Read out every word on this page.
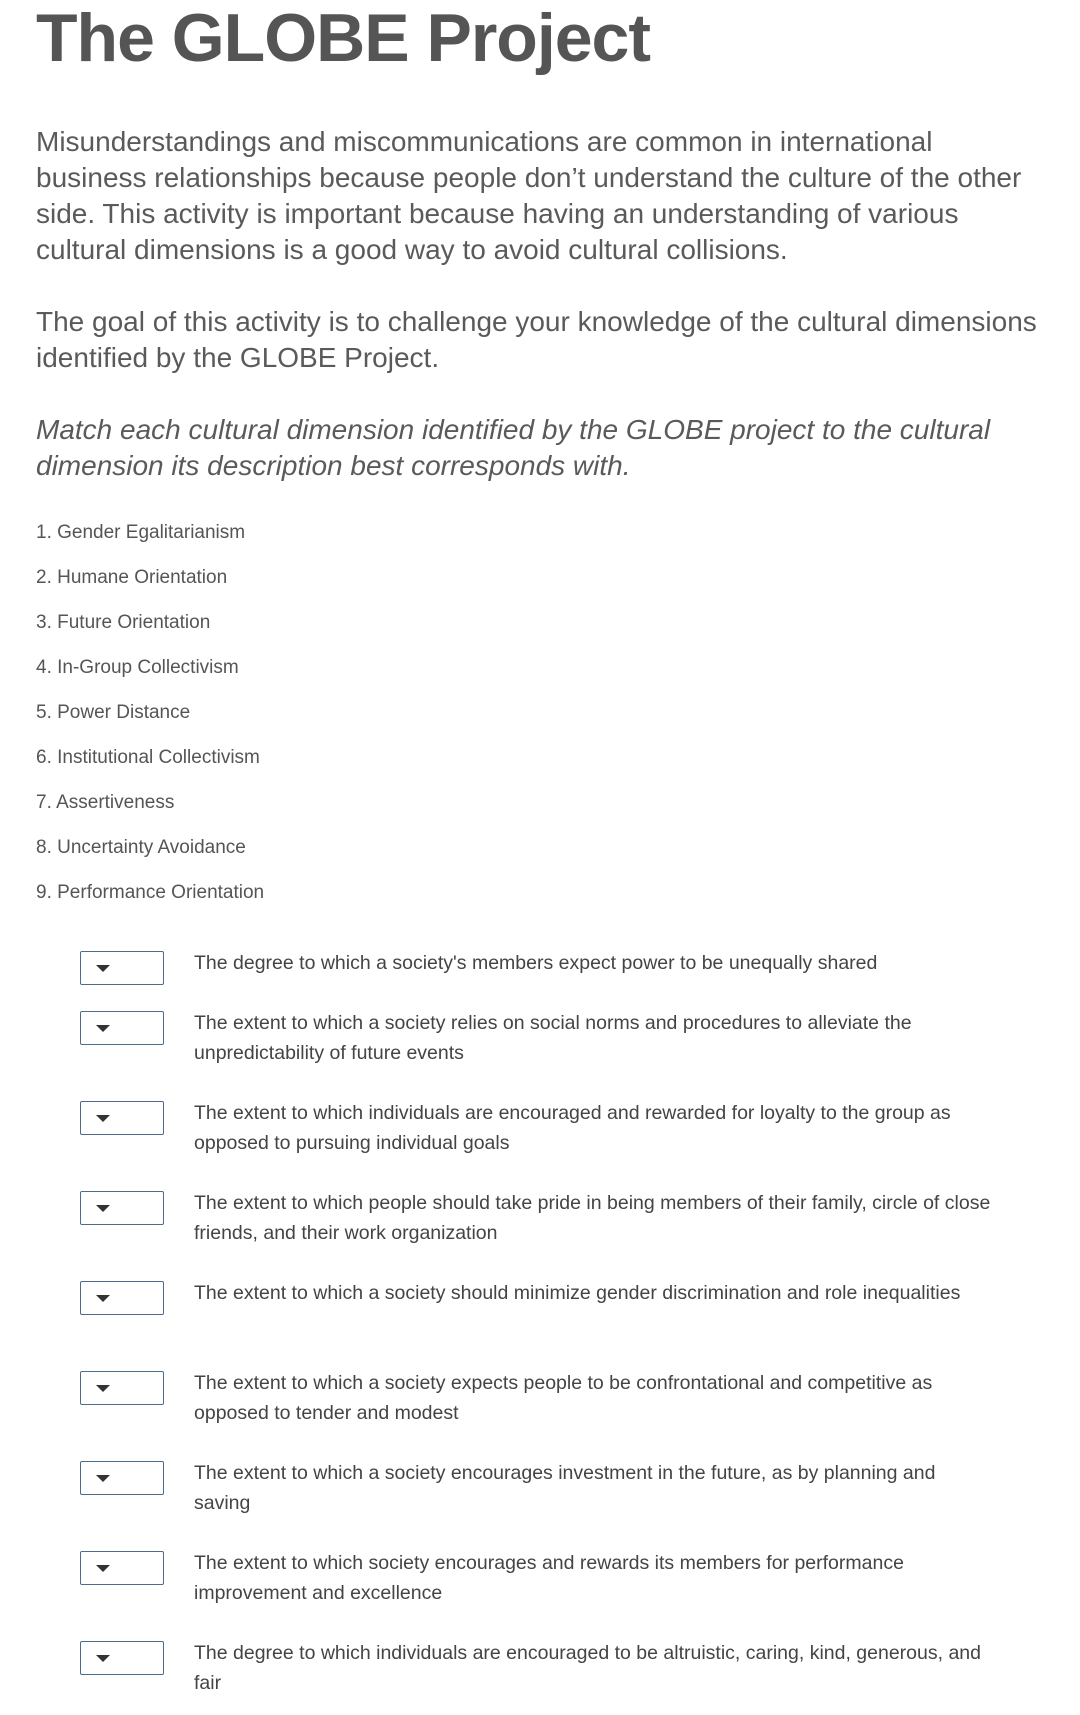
The GLOBE Project

Misunderstandings and miscommunications are common in international business relationships because people don’t understand the culture of the other side. This activity is important because having an understanding of various cultural dimensions is a good way to avoid cultural collisions.

The goal of this activity is to challenge your knowledge of the cultural dimensions identified by the GLOBE Project.

Match each cultural dimension identified by the GLOBE project to the cultural dimension its description best corresponds with.

1. Gender Egalitarianism
2. Humane Orientation
3. Future Orientation
4. In-Group Collectivism
5. Power Distance
6. Institutional Collectivism
7. Assertiveness
8. Uncertainty Avoidance
9. Performance Orientation
The degree to which a society's members expect power to be unequally shared
The extent to which a society relies on social norms and procedures to alleviate the unpredictability of future events
The extent to which individuals are encouraged and rewarded for loyalty to the group as opposed to pursuing individual goals
The extent to which people should take pride in being members of their family, circle of close friends, and their work organization
The extent to which a society should minimize gender discrimination and role inequalities
The extent to which a society expects people to be confrontational and competitive as opposed to tender and modest
The extent to which a society encourages investment in the future, as by planning and saving
The extent to which society encourages and rewards its members for performance improvement and excellence
The degree to which individuals are encouraged to be altruistic, caring, kind, generous, and fair
